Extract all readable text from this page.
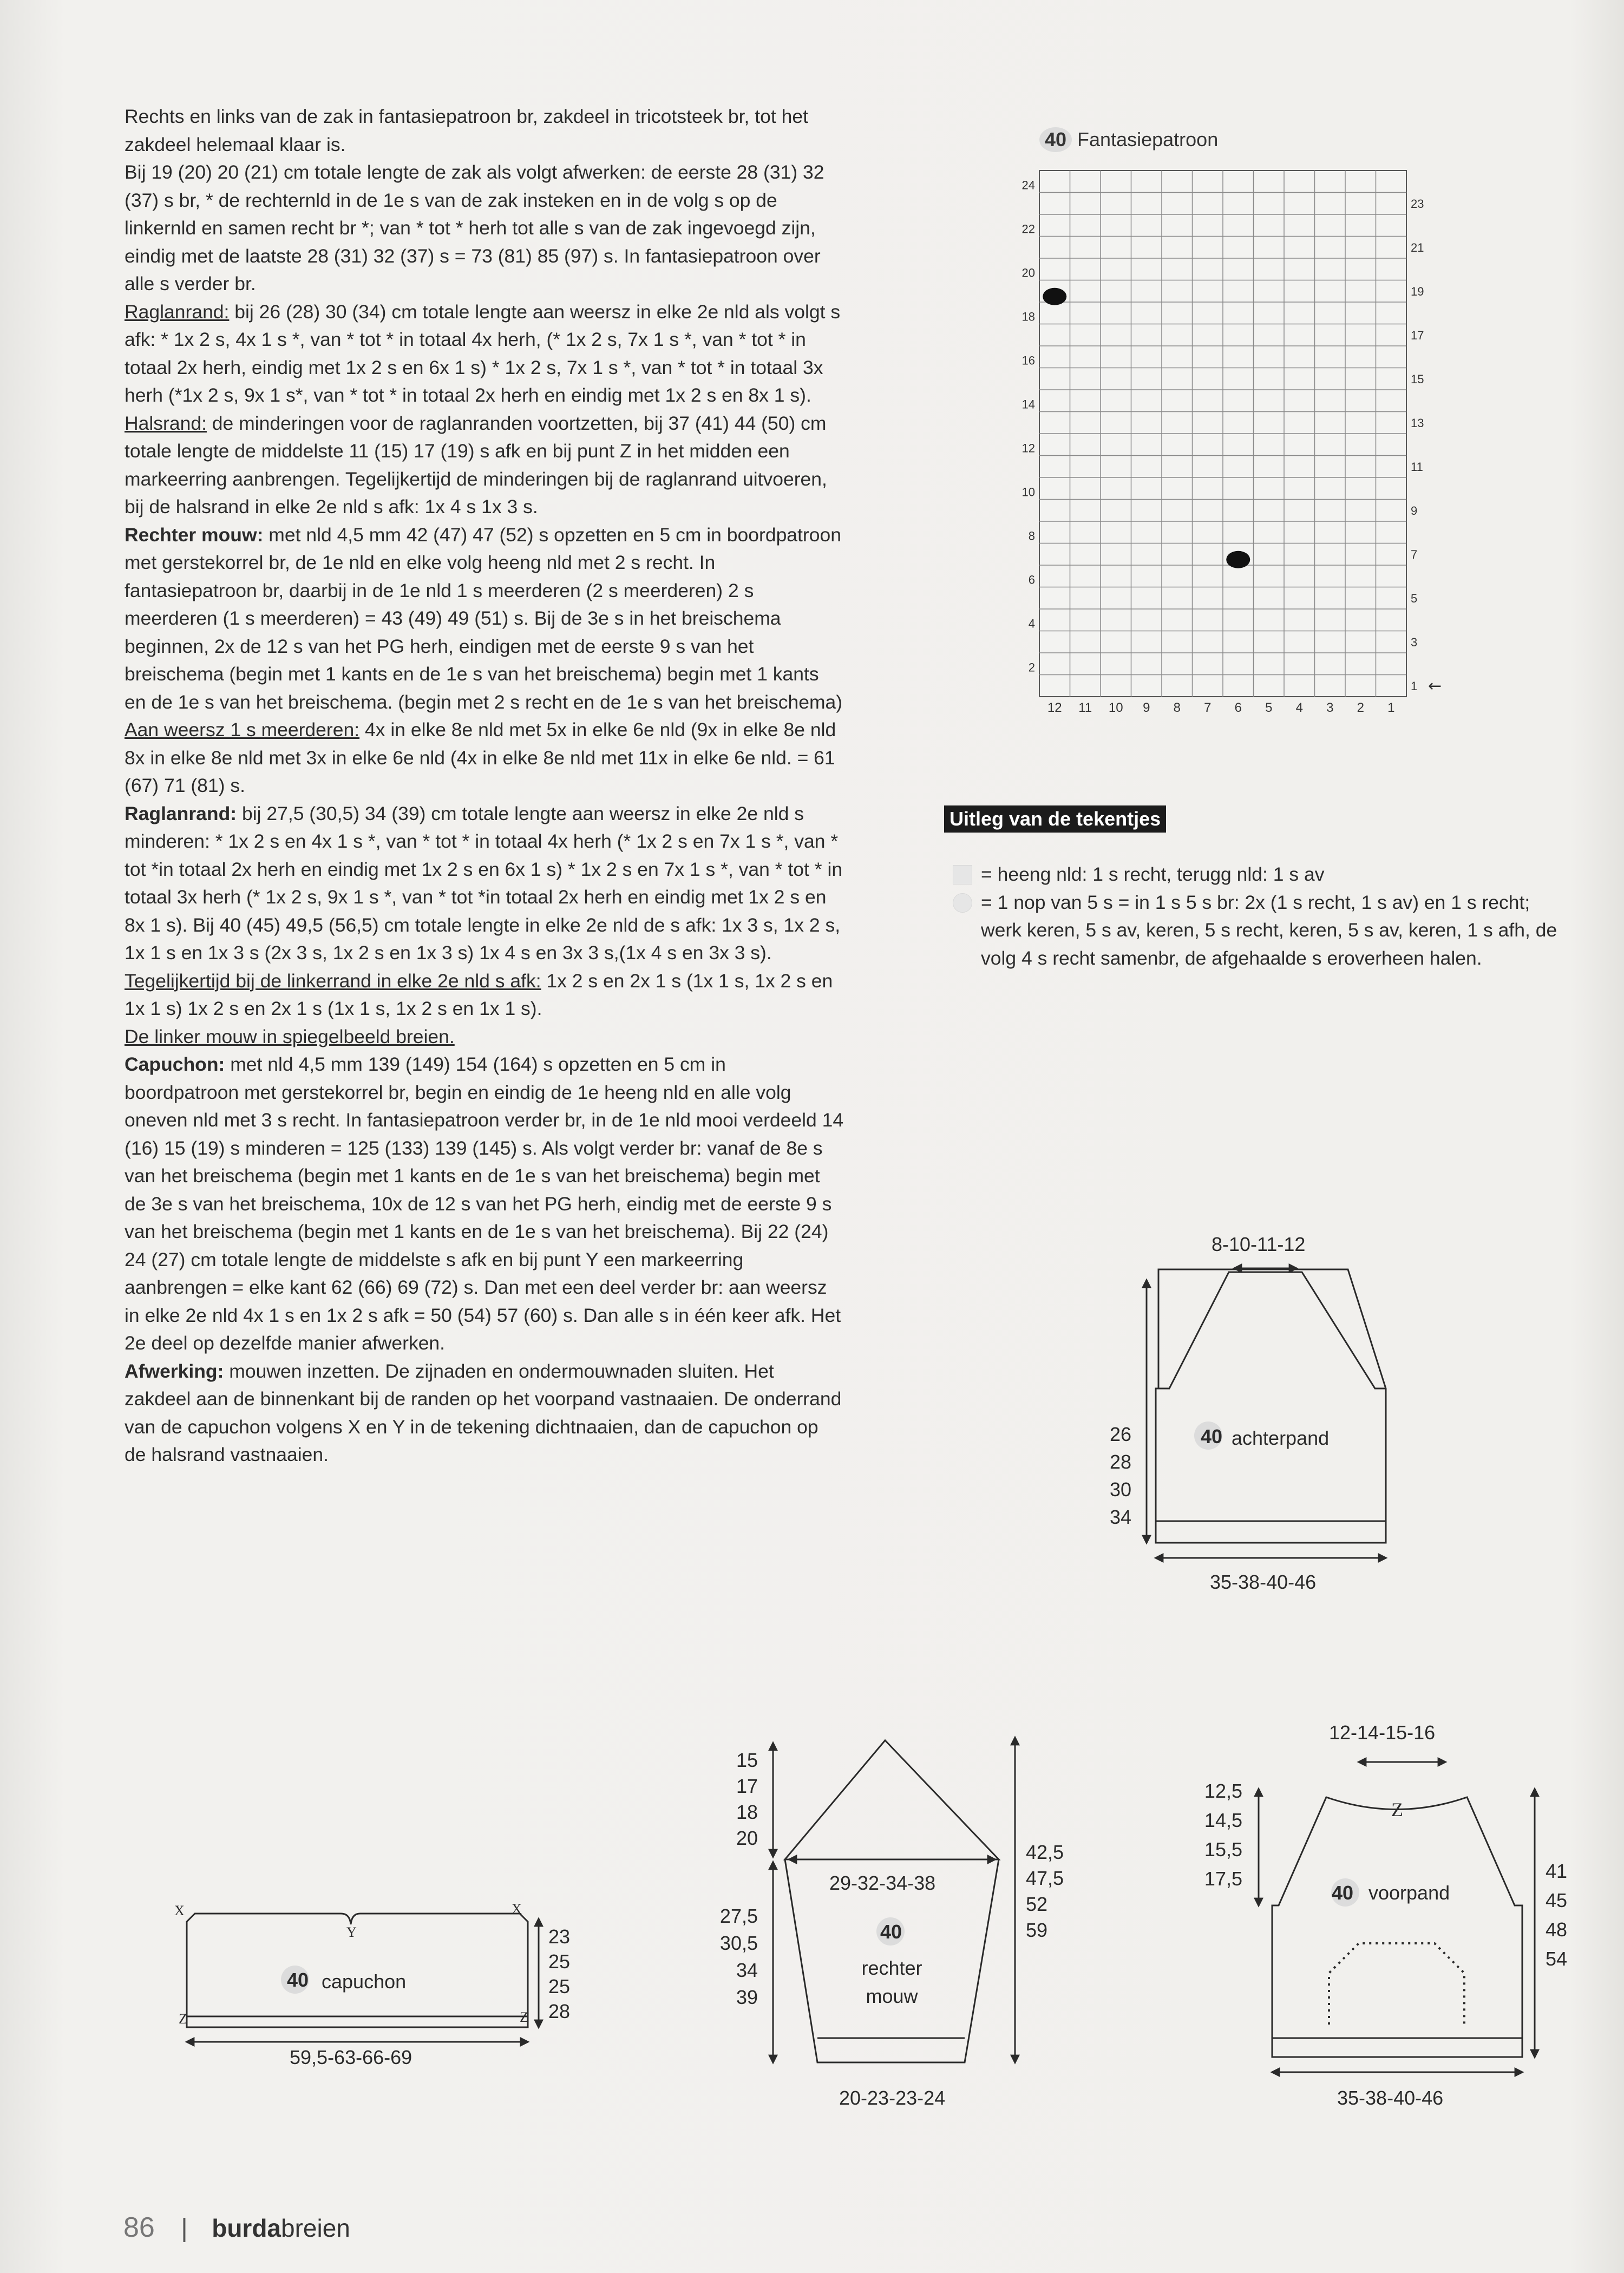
Rechts en links van de zak in fantasiepatroon br, zakdeel in tricotsteek br, tot het zakdeel helemaal klaar is.

Bij 19 (20) 20 (21) cm totale lengte de zak als volgt afwerken: de eerste 28 (31) 32 (37) s br, * de rechternld in de 1e s van de zak insteken en in de volg s op de linkernld en samen recht br *; van * tot * herh tot alle s van de zak ingevoegd zijn, eindig met de laatste 28 (31) 32 (37) s = 73 (81) 85 (97) s. In fantasiepatroon over alle s verder br.

Raglanrand: bij 26 (28) 30 (34) cm totale lengte aan weersz in elke 2e nld als volgt s afk: * 1x 2 s, 4x 1 s *, van * tot * in totaal 4x herh, (* 1x 2 s, 7x 1 s *, van * tot * in totaal 2x herh, eindig met 1x 2 s en 6x 1 s) * 1x 2 s, 7x 1 s *, van * tot * in totaal 3x herh (*1x 2 s, 9x 1 s*, van * tot * in totaal 2x herh en eindig met 1x 2 s en 8x 1 s).

Halsrand: de minderingen voor de raglanranden voortzetten, bij 37 (41) 44 (50) cm totale lengte de middelste 11 (15) 17 (19) s afk en bij punt Z in het midden een markeerring aanbrengen. Tegelijkertijd de minderingen bij de raglanrand uitvoeren, bij de halsrand in elke 2e nld s afk: 1x 4 s 1x 3 s.

Rechter mouw: met nld 4,5 mm 42 (47) 47 (52) s opzetten en 5 cm in boordpatroon met gerstekorrel br, de 1e nld en elke volg heeng nld met 2 s recht. In fantasiepatroon br, daarbij in de 1e nld 1 s meerderen (2 s meerderen) 2 s meerderen (1 s meerderen) = 43 (49) 49 (51) s. Bij de 3e s in het breischema beginnen, 2x de 12 s van het PG herh, eindigen met de eerste 9 s van het breischema (begin met 1 kants en de 1e s van het breischema) begin met 1 kants en de 1e s van het breischema. (begin met 2 s recht en de 1e s van het breischema)

Aan weersz 1 s meerderen: 4x in elke 8e nld met 5x in elke 6e nld (9x in elke 8e nld 8x in elke 8e nld met 3x in elke 6e nld (4x in elke 8e nld met 11x in elke 6e nld. = 61 (67) 71 (81) s.

Raglanrand: bij 27,5 (30,5) 34 (39) cm totale lengte aan weersz in elke 2e nld s minderen: * 1x 2 s en 4x 1 s *, van * tot * in totaal 4x herh (* 1x 2 s en 7x 1 s *, van * tot *in totaal 2x herh en eindig met 1x 2 s en 6x 1 s) * 1x 2 s en 7x 1 s *, van * tot * in totaal 3x herh (* 1x 2 s, 9x 1 s *, van * tot *in totaal 2x herh en eindig met 1x 2 s en 8x 1 s). Bij 40 (45) 49,5 (56,5) cm totale lengte in elke 2e nld de s afk: 1x 3 s, 1x 2 s, 1x 1 s en 1x 3 s (2x 3 s, 1x 2 s en 1x 3 s) 1x 4 s en 3x 3 s,(1x 4 s en 3x 3 s).

Tegelijkertijd bij de linkerrand in elke 2e nld s afk: 1x 2 s en 2x 1 s (1x 1 s, 1x 2 s en 1x 1 s) 1x 2 s en 2x 1 s (1x 1 s, 1x 2 s en 1x 1 s).

De linker mouw in spiegelbeeld breien.

Capuchon: met nld 4,5 mm 139 (149) 154 (164) s opzetten en 5 cm in boordpatroon met gerstekorrel br, begin en eindig de 1e heeng nld en alle volg oneven nld met 3 s recht. In fantasiepatroon verder br, in de 1e nld mooi verdeeld 14 (16) 15 (19) s minderen = 125 (133) 139 (145) s. Als volgt verder br: vanaf de 8e s van het breischema (begin met 1 kants en de 1e s van het breischema) begin met de 3e s van het breischema, 10x de 12 s van het PG herh, eindig met de eerste 9 s van het breischema (begin met 1 kants en de 1e s van het breischema). Bij 22 (24) 24 (27) cm totale lengte de middelste s afk en bij punt Y een markeerring aanbrengen = elke kant 62 (66) 69 (72) s. Dan met een deel verder br: aan weersz in elke 2e nld 4x 1 s en 1x 2 s afk = 50 (54) 57 (60) s. Dan alle s in één keer afk. Het 2e deel op dezelfde manier afwerken.

Afwerking: mouwen inzetten. De zijnaden en ondermouwnaden sluiten. Het zakdeel aan de binnenkant bij de randen op het voorpand vastnaaien. De onderrand van de capuchon volgens X en Y in de tekening dichtnaaien, dan de capuchon op de halsrand vastnaaien.

40 Fantasiepatroon
12 11 10 9 8 7 6 5 4 3 2 1
2
4
6
8
10
12
14
16
18
20
22
24
1
3
5
7
9
11
13
15
17
19
21
23
←
Uitleg van de tekentjes
= heeng nld: 1 s recht, terugg nld: 1 s av
= 1 nop van 5 s = in 1 s 5 s br: 2x (1 s recht, 1 s av) en 1 s recht; werk keren, 5 s av, keren, 5 s recht, keren, 5 s av, keren, 1 s afh, de volg 4 s recht samenbr, de afgehaalde s eroverheen halen.
8-10-11-12
26
28
30
34
40 achterpand
35-38-40-46
15
17
18
20
27,5
30,5
34
39
42,5
47,5
52
59
29-32-34-38
40
rechter
mouw
20-23-23-24
12-14-15-16
Z
12,5
14,5
15,5
17,5	41
45
48
54
40 voorpand
35-38-40-46
X	X
Y
Z	Z
23
25
25
28
40 capuchon
59,5-63-66-69
86 | burdabreien
